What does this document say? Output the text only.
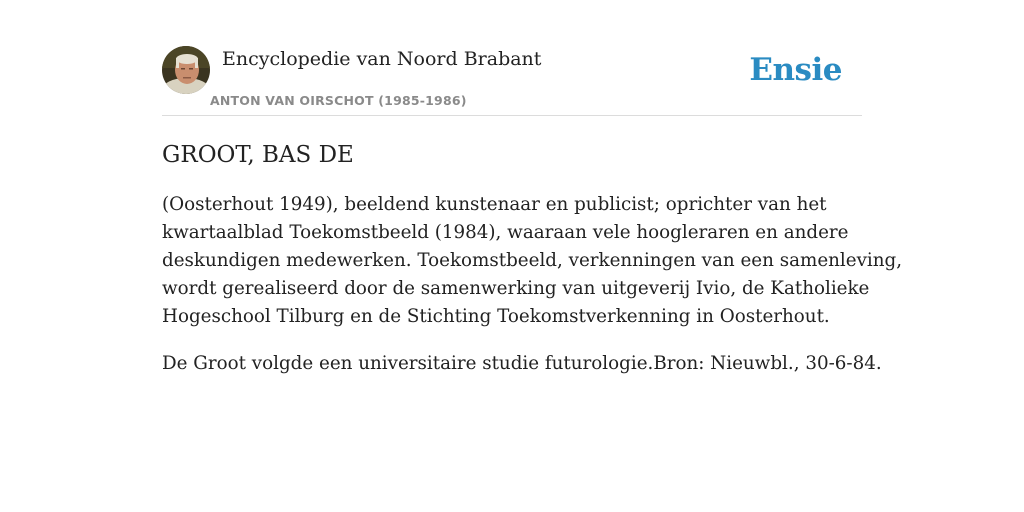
Encyclopedie van Noord Brabant
ANTON VAN OIRSCHOT (1985-1986)
Ensie
GROOT, BAS DE

(Oosterhout 1949), beeldend kunstenaar en publicist; oprichter van het
kwartaalblad Toekomstbeeld (1984), waaraan vele hoogleraren en andere
deskundigen medewerken. Toekomstbeeld, verkenningen van een samenleving,
wordt gerealiseerd door de samenwerking van uitgeverij Ivio, de Katholieke
Hogeschool Tilburg en de Stichting Toekomstverkenning in Oosterhout.

De Groot volgde een universitaire studie futurologie.Bron: Nieuwbl., 30-6-84.
